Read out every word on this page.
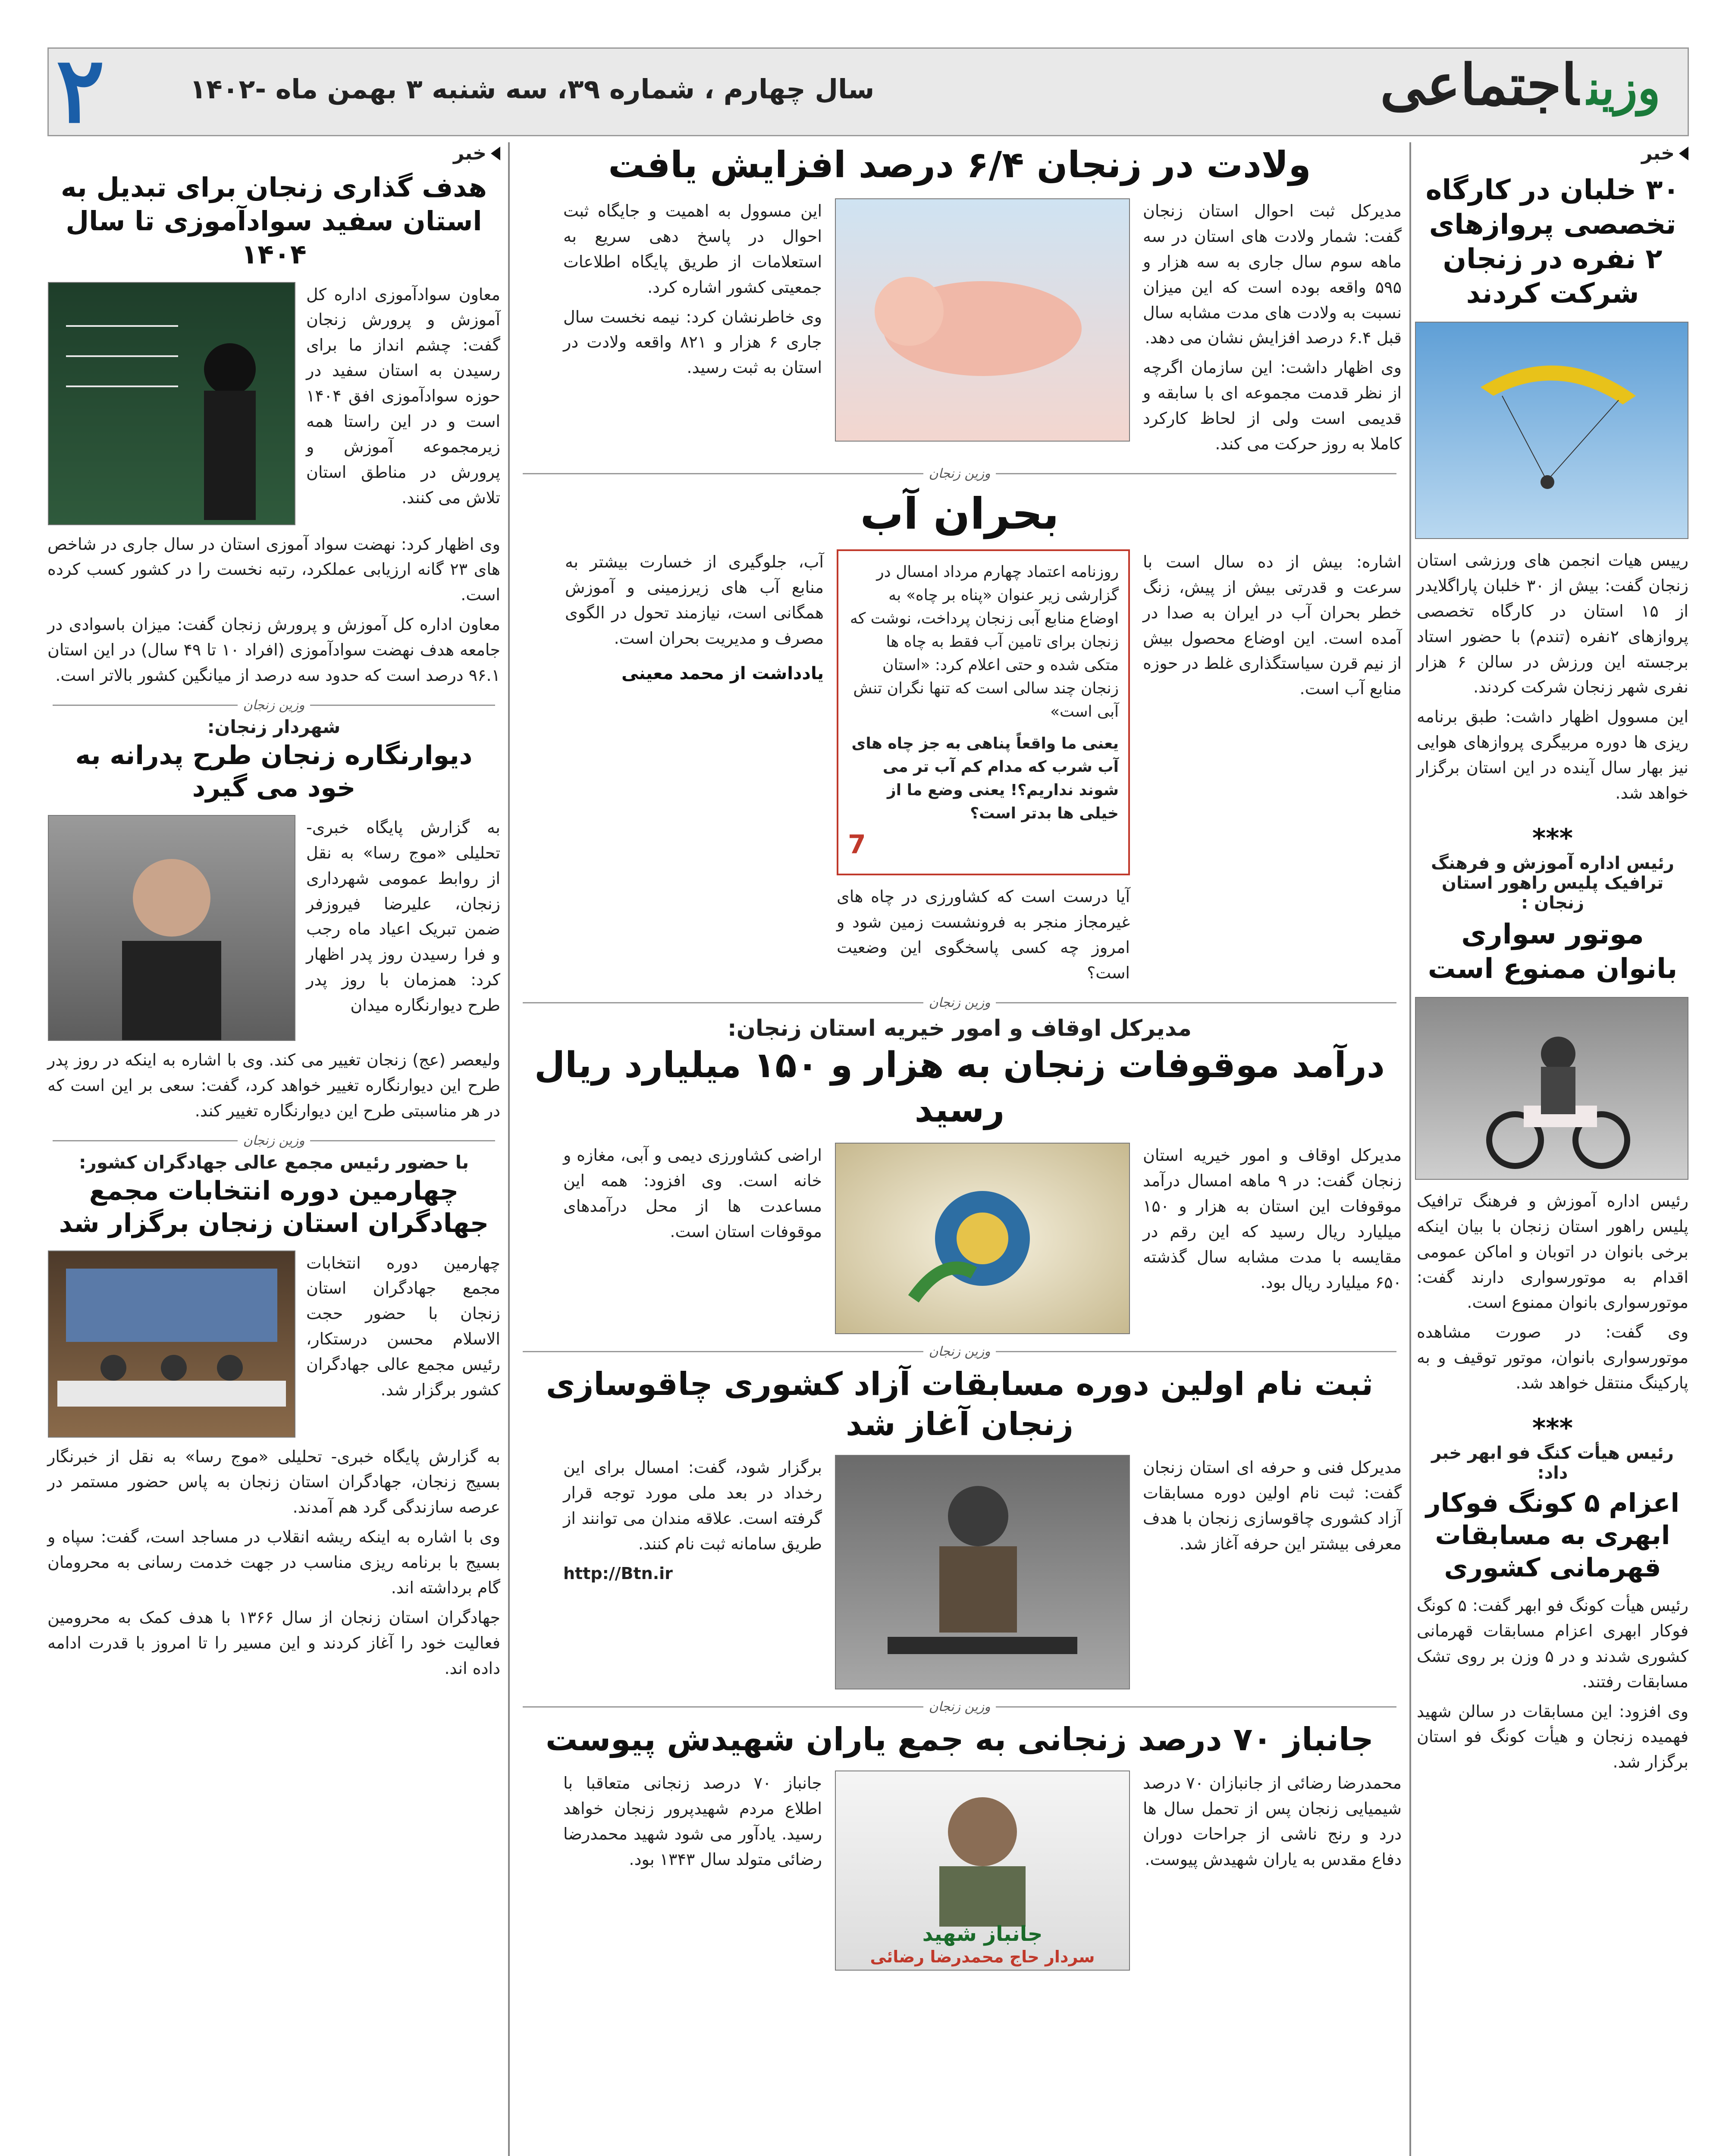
وزیناجتماعی
سال چهارم ، شماره ۳۹، سه شنبه ۳ بهمن ماه -۱۴۰۲
۲
خبر
۳۰ خلبان در کارگاه تخصصی پروازهای ۲ نفره در زنجان شرکت کردند
رییس هیات انجمن های ورزشی استان زنجان گفت: بیش از ۳۰ خلبان پاراگلایدر از ۱۵ استان در کارگاه تخصصی پروازهای ۲نفره (تندم) با حضور استاد برجسته این ورزش در سالن ۶ هزار نفری شهر زنجان شرکت کردند.
این مسوول اظهار داشت: طبق برنامه ریزی ها دوره مربیگری پروازهای هوایی نیز بهار سال آینده در این استان برگزار خواهد شد.
***
رئیس اداره آموزش و فرهنگ ترافیک پلیس راهور استان زنجان :
موتور سواری بانوان ممنوع است
رئیس اداره آموزش و فرهنگ ترافیک پلیس راهور استان زنجان با بیان اینکه برخی بانوان در اتوبان و اماکن عمومی اقدام به موتورسواری دارند گفت: موتورسواری بانوان ممنوع است.
وی گفت: در صورت مشاهده موتورسواری بانوان، موتور توقیف و به پارکینگ منتقل خواهد شد.
***
رئیس هیأت کنگ فو ابهر خبر داد:
اعزام ۵ کونگ فوکار ابهری به مسابقات قهرمانی کشوری
رئیس هیأت کونگ فو ابهر گفت: ۵ کونگ فوکار ابهری اعزام مسابقات قهرمانی کشوری شدند و در ۵ وزن بر روی تشک مسابقات رفتند.
وی افزود: این مسابقات در سالن شهید فهمیده زنجان و هیأت کونگ فو استان برگزار شد.
ولادت در زنجان ۶/۴ درصد افزایش یافت
مدیرکل ثبت احوال استان زنجان گفت: شمار ولادت های استان در سه ماهه سوم سال جاری به سه هزار و ۵۹۵ واقعه بوده است که این میزان نسبت به ولادت های مدت مشابه سال قبل ۶.۴ درصد افزایش نشان می دهد.
وی اظهار داشت: این سازمان اگرچه از نظر قدمت مجموعه ای با سابقه و قدیمی است ولی از لحاظ کارکرد کاملا به روز حرکت می کند.
این مسوول به اهمیت و جایگاه ثبت احوال در پاسخ دهی سریع به استعلامات از طریق پایگاه اطلاعات جمعیتی کشور اشاره کرد.
وی خاطرنشان کرد: نیمه نخست سال جاری ۶ هزار و ۸۲۱ واقعه ولادت در استان به ثبت رسید.
وزین زنجان
بحران آب
اشاره: بیش از ده سال است با سرعت و قدرتی بیش از پیش، زنگ خطر بحران آب در ایران به صدا در آمده است. این اوضاع محصول بیش از نیم قرن سیاستگذاری غلط در حوزه منابع آب است.
روزنامه اعتماد چهارم مرداد امسال در گزارشی زیر عنوان «پناه بر چاه» به اوضاع منابع آبی زنجان پرداخت، نوشت که زنجان برای تامین آب فقط به چاه ها متکی شده و حتی اعلام کرد: «استان زنجان چند سالی است که تنها نگران تنش آبی است»
یعنی ما واقعاً پناهی به جز چاه های آب شرب که مدام کم آب تر می شوند نداریم؟! یعنی وضع ما از خیلی ها بدتر است؟
7
آیا درست است که کشاورزی در چاه های غیرمجاز منجر به فرونشست زمین شود و امروز چه کسی پاسخگوی این وضعیت است؟
آب، جلوگیری از خسارت بیشتر به منابع آب های زیرزمینی و آموزش همگانی است، نیازمند تحول در الگوی مصرف و مدیریت بحران است.
یادداشت از محمد معینی
وزین زنجان
مدیرکل اوقاف و امور خیریه استان زنجان:
درآمد موقوفات زنجان به هزار و ۱۵۰ میلیارد ریال رسید
مدیرکل اوقاف و امور خیریه استان زنجان گفت: در ۹ ماهه امسال درآمد موقوفات این استان به هزار و ۱۵۰ میلیارد ریال رسید که این رقم در مقایسه با مدت مشابه سال گذشته ۶۵۰ میلیارد ریال بود.
اراضی کشاورزی دیمی و آبی، مغازه و خانه است. وی افزود: همه این مساعدت ها از محل درآمدهای موقوفات استان است.
وزین زنجان
ثبت نام اولین دوره مسابقات آزاد کشوری چاقوسازی زنجان آغاز شد
مدیرکل فنی و حرفه ای استان زنجان گفت: ثبت نام اولین دوره مسابقات آزاد کشوری چاقوسازی زنجان با هدف معرفی بیشتر این حرفه آغاز شد.
برگزار شود، گفت: امسال برای این رخداد در بعد ملی مورد توجه قرار گرفته است. علاقه مندان می توانند از طریق سامانه ثبت نام کنند.
http://Btn.ir
وزین زنجان
جانباز ۷۰ درصد زنجانی به جمع یاران شهیدش پیوست
محمدرضا رضائی از جانبازان ۷۰ درصد شیمیایی زنجان پس از تحمل سال ها درد و رنج ناشی از جراحات دوران دفاع مقدس به یاران شهیدش پیوست.
جانباز شهید
سردار حاج محمدرضا رضائی
جانباز ۷۰ درصد زنجانی متعاقبا با اطلاع مردم شهیدپرور زنجان خواهد رسید. یادآور می شود شهید محمدرضا رضائی متولد سال ۱۳۴۳ بود.
خبر
هدف گذاری زنجان برای تبدیل به استان سفید سوادآموزی تا سال ۱۴۰۴
معاون سوادآموزی اداره کل آموزش و پرورش زنجان گفت: چشم انداز ما برای رسیدن به استان سفید در حوزه سوادآموزی افق ۱۴۰۴ است و در این راستا همه زیرمجموعه آموزش و پرورش در مناطق استان تلاش می کنند.
وی اظهار کرد: نهضت سواد آموزی استان در سال جاری در شاخص های ۲۳ گانه ارزیابی عملکرد، رتبه نخست را در کشور کسب کرده است.
معاون اداره کل آموزش و پرورش زنجان گفت: میزان باسوادی در جامعه هدف نهضت سوادآموزی (افراد ۱۰ تا ۴۹ سال) در این استان ۹۶.۱ درصد است که حدود سه درصد از میانگین کشور بالاتر است.
وزین زنجان
شهردار زنجان:
دیوارنگاره زنجان طرح پدرانه به خود می گیرد
به گزارش پایگاه خبری- تحلیلی «موج رسا» به نقل از روابط عمومی شهرداری زنجان، علیرضا فیروزفر ضمن تبریک اعیاد ماه رجب و فرا رسیدن روز پدر اظهار کرد: همزمان با روز پدر طرح دیوارنگاره میدان
ولیعصر (عج) زنجان تغییر می کند. وی با اشاره به اینکه در روز پدر طرح این دیوارنگاره تغییر خواهد کرد، گفت: سعی بر این است که در هر مناسبتی طرح این دیوارنگاره تغییر کند.
وزین زنجان
با حضور رئیس مجمع عالی جهادگران کشور:
چهارمین دوره انتخابات مجمع جهادگران استان زنجان برگزار شد
چهارمین دوره انتخابات مجمع جهادگران استان زنجان با حضور حجت الاسلام محسن درستکار، رئیس مجمع عالی جهادگران کشور برگزار شد.
به گزارش پایگاه خبری- تحلیلی «موج رسا» به نقل از خبرنگار بسیج زنجان، جهادگران استان زنجان به پاس حضور مستمر در عرصه سازندگی گرد هم آمدند.
وی با اشاره به اینکه ریشه انقلاب در مساجد است، گفت: سپاه و بسیج با برنامه ریزی مناسب در جهت خدمت رسانی به محرومان گام برداشته اند.
جهادگران استان زنجان از سال ۱۳۶۶ با هدف کمک به محرومین فعالیت خود را آغاز کردند و این مسیر را تا امروز با قدرت ادامه داده اند.
